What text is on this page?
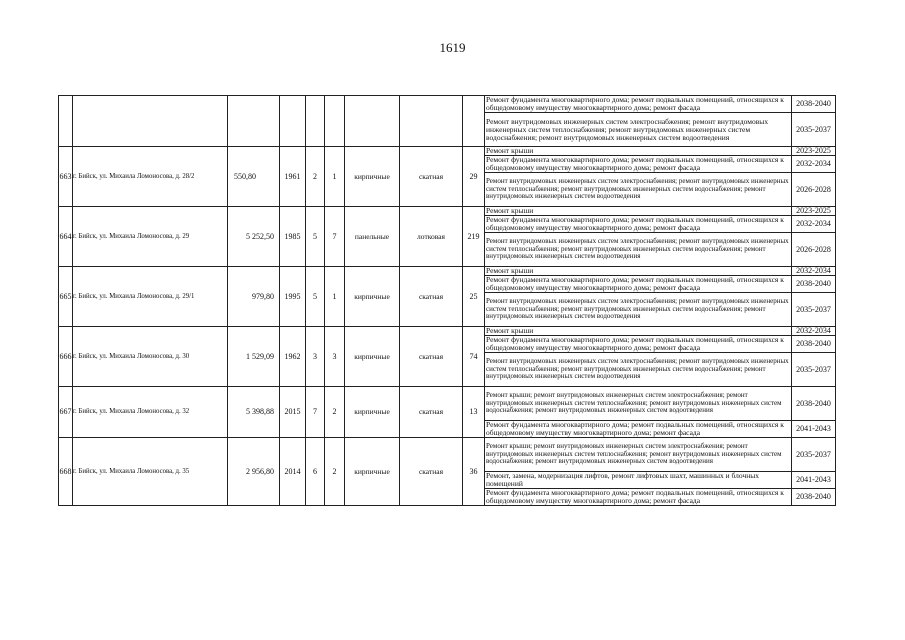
1619
									Ремонт фундамента многоквартирного дома; ремонт подвальных помещений, относящихся к общедомовому имуществу многоквартирного дома; ремонт фасада	2038-2040
									Ремонт внутридомовых инженерных систем электроснабжения; ремонт внутридомовых инженерных систем теплоснабжения; ремонт внутридомовых инженерных систем водоснабжения; ремонт внутридомовых инженерных систем водоотведения	2035-2037
663	г. Бийск, ул. Михаила Ломоносова, д. 28/2	550,80	1961	2	1	кирпичные	скатная	29	Ремонт крыши	2023-2025
									Ремонт фундамента многоквартирного дома; ремонт подвальных помещений, относящихся к общедомовому имуществу многоквартирного дома; ремонт фасада	2032-2034
									Ремонт внутридомовых инженерных систем электроснабжения; ремонт внутридомовых инженерных систем теплоснабжения; ремонт внутридомовых инженерных систем водоснабжения; ремонт внутридомовых инженерных систем водоотведения	2026-2028
664	г. Бийск, ул. Михаила Ломоносова, д. 29	5 252,50	1985	5	7	панельные	лотковая	219	Ремонт крыши	2023-2025
									Ремонт фундамента многоквартирного дома; ремонт подвальных помещений, относящихся к общедомовому имуществу многоквартирного дома; ремонт фасада	2032-2034
									Ремонт внутридомовых инженерных систем электроснабжения; ремонт внутридомовых инженерных систем теплоснабжения; ремонт внутридомовых инженерных систем водоснабжения; ремонт внутридомовых инженерных систем водоотведения	2026-2028
665	г. Бийск, ул. Михаила Ломоносова, д. 29/1	979,80	1995	5	1	кирпичные	скатная	25	Ремонт крыши	2032-2034
									Ремонт фундамента многоквартирного дома; ремонт подвальных помещений, относящихся к общедомовому имуществу многоквартирного дома; ремонт фасада	2038-2040
									Ремонт внутридомовых инженерных систем электроснабжения; ремонт внутридомовых инженерных систем теплоснабжения; ремонт внутридомовых инженерных систем водоснабжения; ремонт внутридомовых инженерных систем водоотведения	2035-2037
666	г. Бийск, ул. Михаила Ломоносова, д. 30	1 529,09	1962	3	3	кирпичные	скатная	74	Ремонт крыши	2032-2034
									Ремонт фундамента многоквартирного дома; ремонт подвальных помещений, относящихся к общедомовому имуществу многоквартирного дома; ремонт фасада	2038-2040
									Ремонт внутридомовых инженерных систем электроснабжения; ремонт внутридомовых инженерных систем теплоснабжения; ремонт внутридомовых инженерных систем водоснабжения; ремонт внутридомовых инженерных систем водоотведения	2035-2037
667	г. Бийск, ул. Михаила Ломоносова, д. 32	5 398,88	2015	7	2	кирпичные	скатная	13	Ремонт крыши; ремонт внутридомовых инженерных систем электроснабжения; ремонт внутридомовых инженерных систем теплоснабжения; ремонт внутридомовых инженерных систем водоснабжения; ремонт внутридомовых инженерных систем водоотведения	2038-2040
									Ремонт фундамента многоквартирного дома; ремонт подвальных помещений, относящихся к общедомовому имуществу многоквартирного дома; ремонт фасада	2041-2043
668	г. Бийск, ул. Михаила Ломоносова, д. 35	2 956,80	2014	6	2	кирпичные	скатная	36	Ремонт крыши; ремонт внутридомовых инженерных систем электроснабжения; ремонт внутридомовых инженерных систем теплоснабжения; ремонт внутридомовых инженерных систем водоснабжения; ремонт внутридомовых инженерных систем водоотведения	2035-2037
									Ремонт, замена, модернизация лифтов, ремонт лифтовых шахт, машинных и блочных помещений	2041-2043
									Ремонт фундамента многоквартирного дома; ремонт подвальных помещений, относящихся к общедомовому имуществу многоквартирного дома; ремонт фасада	2038-2040
